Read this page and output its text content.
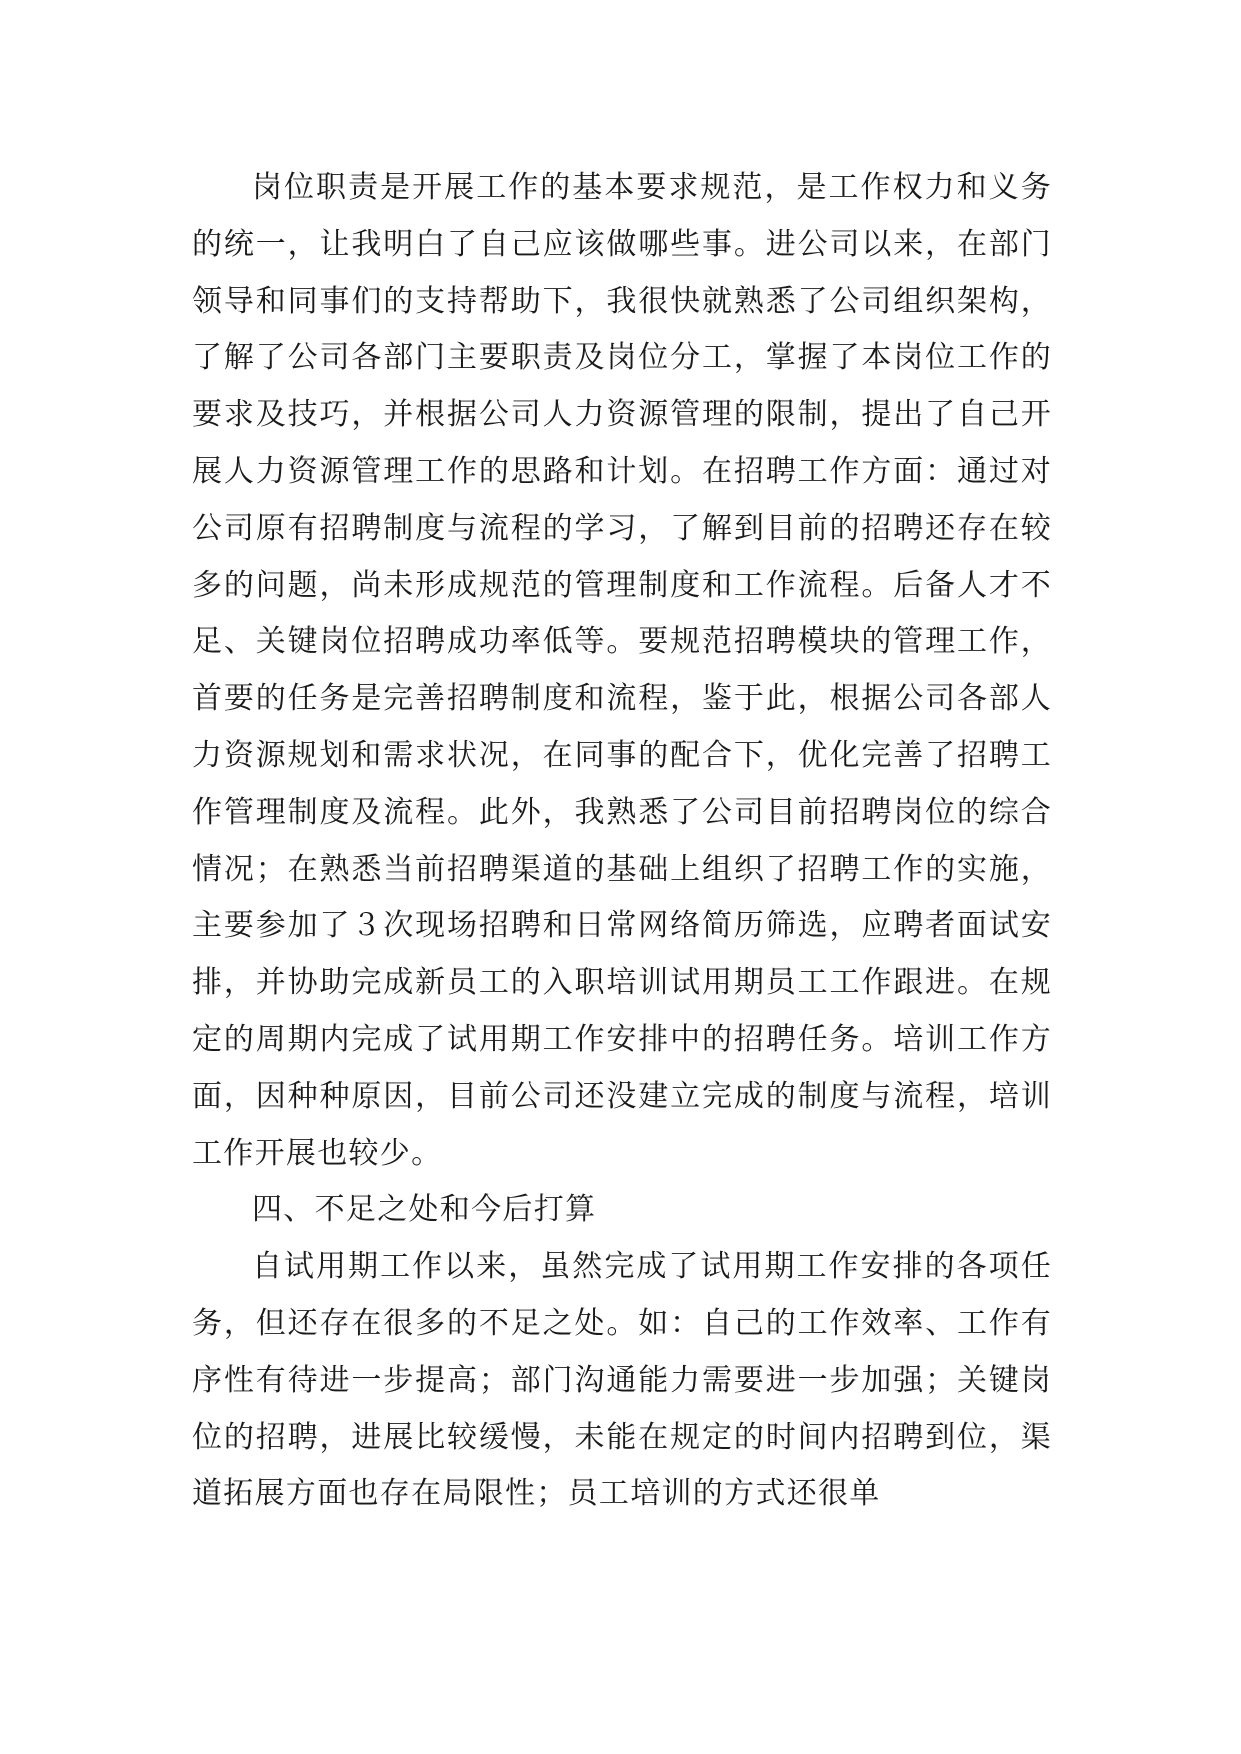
岗位职责是开展工作的基本要求规范，是工作权力和义务的统一，让我明白了自己应该做哪些事。进公司以来，在部门领导和同事们的支持帮助下，我很快就熟悉了公司组织架构，了解了公司各部门主要职责及岗位分工，掌握了本岗位工作的要求及技巧，并根据公司人力资源管理的限制，提出了自己开展人力资源管理工作的思路和计划。在招聘工作方面：通过对公司原有招聘制度与流程的学习，了解到目前的招聘还存在较多的问题，尚未形成规范的管理制度和工作流程。后备人才不足、关键岗位招聘成功率低等。要规范招聘模块的管理工作，首要的任务是完善招聘制度和流程，鉴于此，根据公司各部人力资源规划和需求状况，在同事的配合下，优化完善了招聘工作管理制度及流程。此外，我熟悉了公司目前招聘岗位的综合情况；在熟悉当前招聘渠道的基础上组织了招聘工作的实施，主要参加了３次现场招聘和日常网络简历筛选，应聘者面试安排，并协助完成新员工的入职培训试用期员工工作跟进。在规定的周期内完成了试用期工作安排中的招聘任务。培训工作方面，因种种原因，目前公司还没建立完成的制度与流程，培训工作开展也较少。

四、不足之处和今后打算

自试用期工作以来，虽然完成了试用期工作安排的各项任务，但还存在很多的不足之处。如：自己的工作效率、工作有序性有待进一步提高；部门沟通能力需要进一步加强；关键岗位的招聘，进展比较缓慢，未能在规定的时间内招聘到位，渠道拓展方面也存在局限性；员工培训的方式还很单
